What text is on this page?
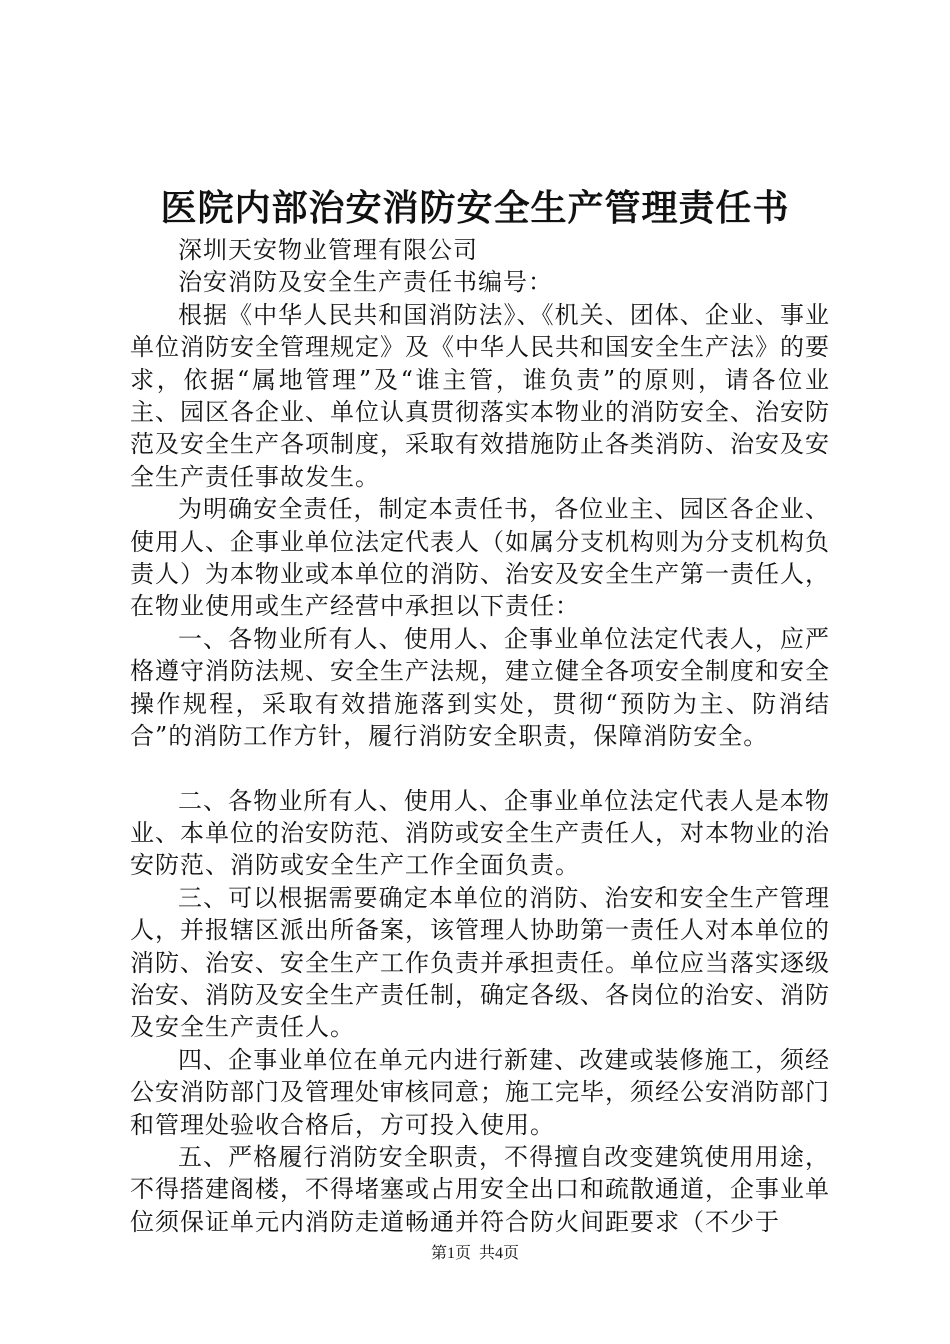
医院内部治安消防安全生产管理责任书

深圳天安物业管理有限公司

治安消防及安全生产责任书编号：

根据《中华人民共和国消防法》、《机关、团体、企业、事业单位消防安全管理规定》及《中华人民共和国安全生产法》的要求，依据“属地管理”及“谁主管，谁负责”的原则，请各位业主、园区各企业、单位认真贯彻落实本物业的消防安全、治安防范及安全生产各项制度，采取有效措施防止各类消防、治安及安全生产责任事故发生。

为明确安全责任，制定本责任书，各位业主、园区各企业、使用人、企事业单位法定代表人（如属分支机构则为分支机构负责人）为本物业或本单位的消防、治安及安全生产第一责任人，在物业使用或生产经营中承担以下责任：

一、各物业所有人、使用人、企事业单位法定代表人，应严格遵守消防法规、安全生产法规，建立健全各项安全制度和安全操作规程，采取有效措施落到实处，贯彻“预防为主、防消结合”的消防工作方针，履行消防安全职责，保障消防安全。

二、各物业所有人、使用人、企事业单位法定代表人是本物业、本单位的治安防范、消防或安全生产责任人，对本物业的治安防范、消防或安全生产工作全面负责。

三、可以根据需要确定本单位的消防、治安和安全生产管理人，并报辖区派出所备案，该管理人协助第一责任人对本单位的消防、治安、安全生产工作负责并承担责任。单位应当落实逐级治安、消防及安全生产责任制，确定各级、各岗位的治安、消防及安全生产责任人。

四、企事业单位在单元内进行新建、改建或装修施工，须经公安消防部门及管理处审核同意；施工完毕，须经公安消防部门和管理处验收合格后，方可投入使用。

五、严格履行消防安全职责，不得擅自改变建筑使用用途，不得搭建阁楼，不得堵塞或占用安全出口和疏散通道，企事业单位须保证单元内消防走道畅通并符合防火间距要求（不少于

第1页 共4页
